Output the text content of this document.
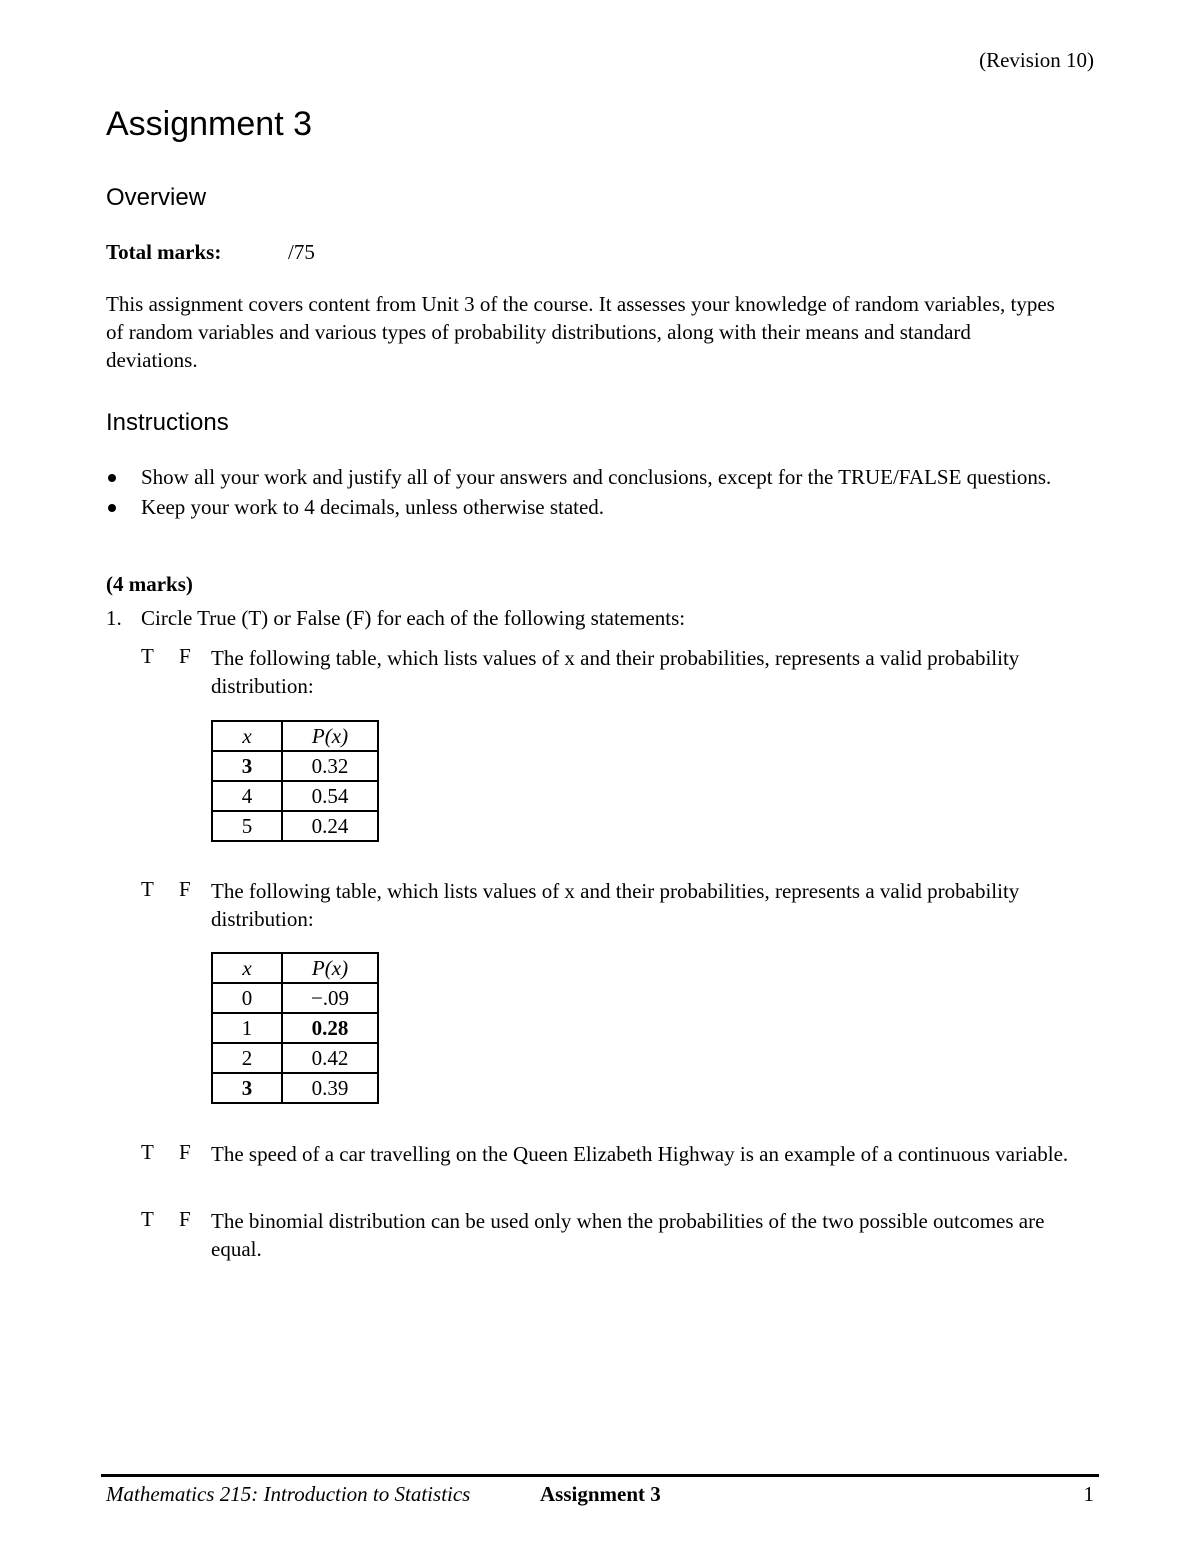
(Revision 10)
Assignment 3
Overview
Total marks:	/75
This assignment covers content from Unit 3 of the course. It assesses your knowledge of random variables, types of random variables and various types of probability distributions, along with their means and standard deviations.
Instructions
Show all your work and justify all of your answers and conclusions, except for the TRUE/FALSE questions.
Keep your work to 4 decimals, unless otherwise stated.
(4 marks)
1. Circle True (T) or False (F) for each of the following statements:
T F The following table, which lists values of x and their probabilities, represents a valid probability distribution:
x	P(x)
3	0.32
4	0.54
5	0.24
T F The following table, which lists values of x and their probabilities, represents a valid probability distribution:
x	P(x)
0	−.09
1	0.28
2	0.42
3	0.39
T F The speed of a car travelling on the Queen Elizabeth Highway is an example of a continuous variable.
T F The binomial distribution can be used only when the probabilities of the two possible outcomes are equal.
Mathematics 215: Introduction to Statistics	Assignment 3	1
